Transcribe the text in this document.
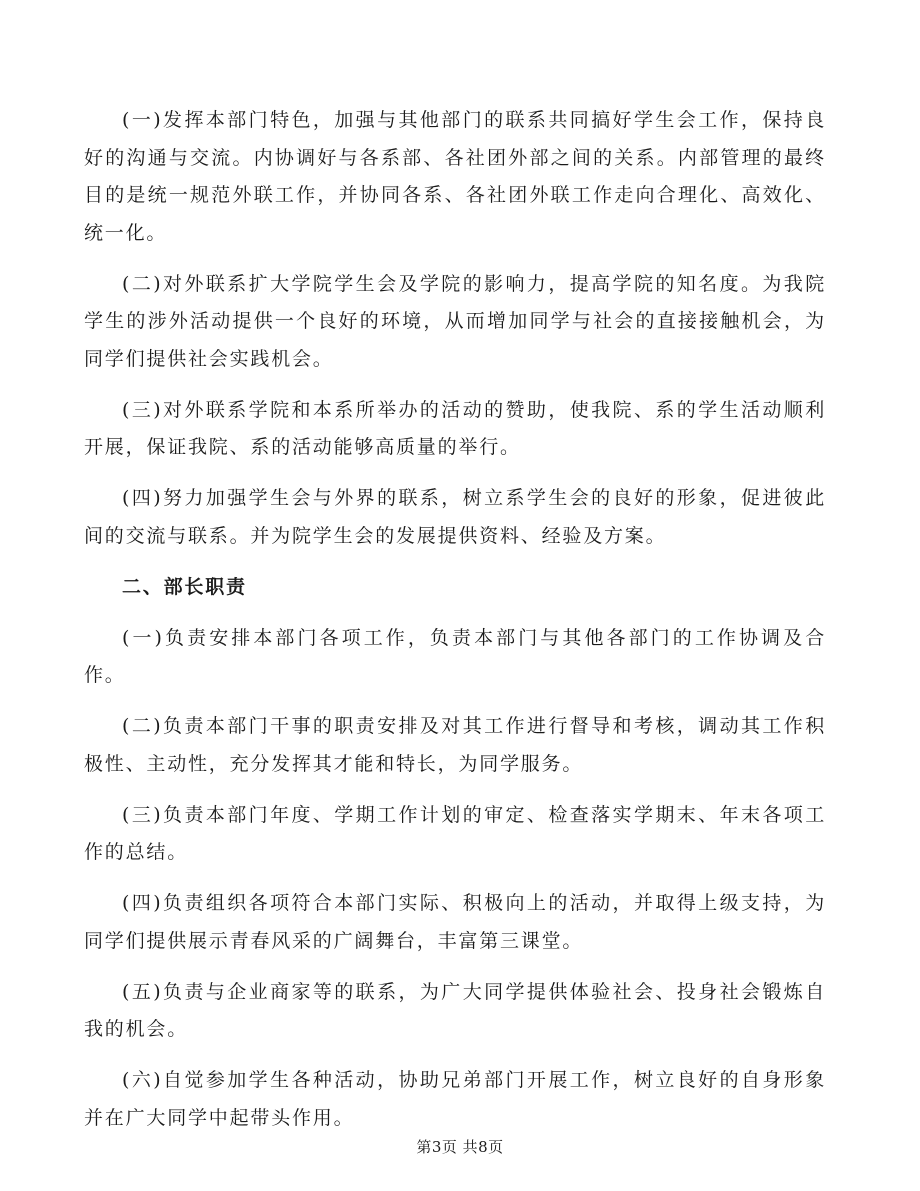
(一)发挥本部门特色，加强与其他部门的联系共同搞好学生会工作，保持良好的沟通与交流。内协调好与各系部、各社团外部之间的关系。内部管理的最终目的是统一规范外联工作，并协同各系、各社团外联工作走向合理化、高效化、统一化。

(二)对外联系扩大学院学生会及学院的影响力，提高学院的知名度。为我院学生的涉外活动提供一个良好的环境，从而增加同学与社会的直接接触机会，为同学们提供社会实践机会。

(三)对外联系学院和本系所举办的活动的赞助，使我院、系的学生活动顺利开展，保证我院、系的活动能够高质量的举行。

(四)努力加强学生会与外界的联系，树立系学生会的良好的形象，促进彼此间的交流与联系。并为院学生会的发展提供资料、经验及方案。

二、部长职责

(一)负责安排本部门各项工作，负责本部门与其他各部门的工作协调及合作。

(二)负责本部门干事的职责安排及对其工作进行督导和考核，调动其工作积极性、主动性，充分发挥其才能和特长，为同学服务。

(三)负责本部门年度、学期工作计划的审定、检查落实学期末、年末各项工作的总结。

(四)负责组织各项符合本部门实际、积极向上的活动，并取得上级支持，为同学们提供展示青春风采的广阔舞台，丰富第三课堂。

(五)负责与企业商家等的联系，为广大同学提供体验社会、投身社会锻炼自我的机会。

(六)自觉参加学生各种活动，协助兄弟部门开展工作，树立良好的自身形象并在广大同学中起带头作用。

第3页 共8页
